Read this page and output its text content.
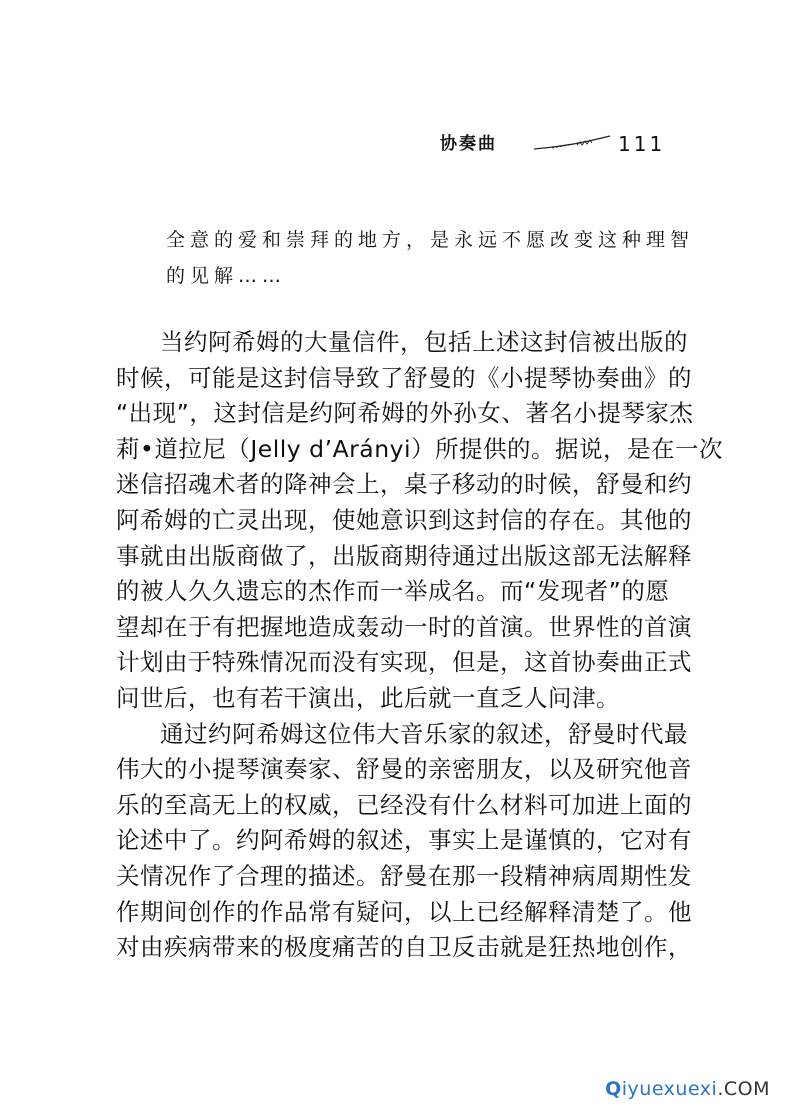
协奏曲	111

全意的爱和崇拜的地方，是永远不愿改变这种理智

的见解……

当约阿希姆的大量信件，包括上述这封信被出版的
时候，可能是这封信导致了舒曼的《小提琴协奏曲》的
“出现”，这封信是约阿希姆的外孙女、著名小提琴家杰
莉•道拉尼（Jelly d’Arányi）所提供的。据说，是在一次
迷信招魂术者的降神会上，桌子移动的时候，舒曼和约
阿希姆的亡灵出现，使她意识到这封信的存在。其他的
事就由出版商做了，出版商期待通过出版这部无法解释
的被人久久遗忘的杰作而一举成名。而“发现者”的愿
望却在于有把握地造成轰动一时的首演。世界性的首演
计划由于特殊情况而没有实现，但是，这首协奏曲正式
问世后，也有若干演出，此后就一直乏人问津。
通过约阿希姆这位伟大音乐家的叙述，舒曼时代最
伟大的小提琴演奏家、舒曼的亲密朋友，以及研究他音
乐的至高无上的权威，已经没有什么材料可加进上面的
论述中了。约阿希姆的叙述，事实上是谨慎的，它对有
关情况作了合理的描述。舒曼在那一段精神病周期性发
作期间创作的作品常有疑问，以上已经解释清楚了。他
对由疾病带来的极度痛苦的自卫反击就是狂热地创作，
Qiyuexuexi.COM
